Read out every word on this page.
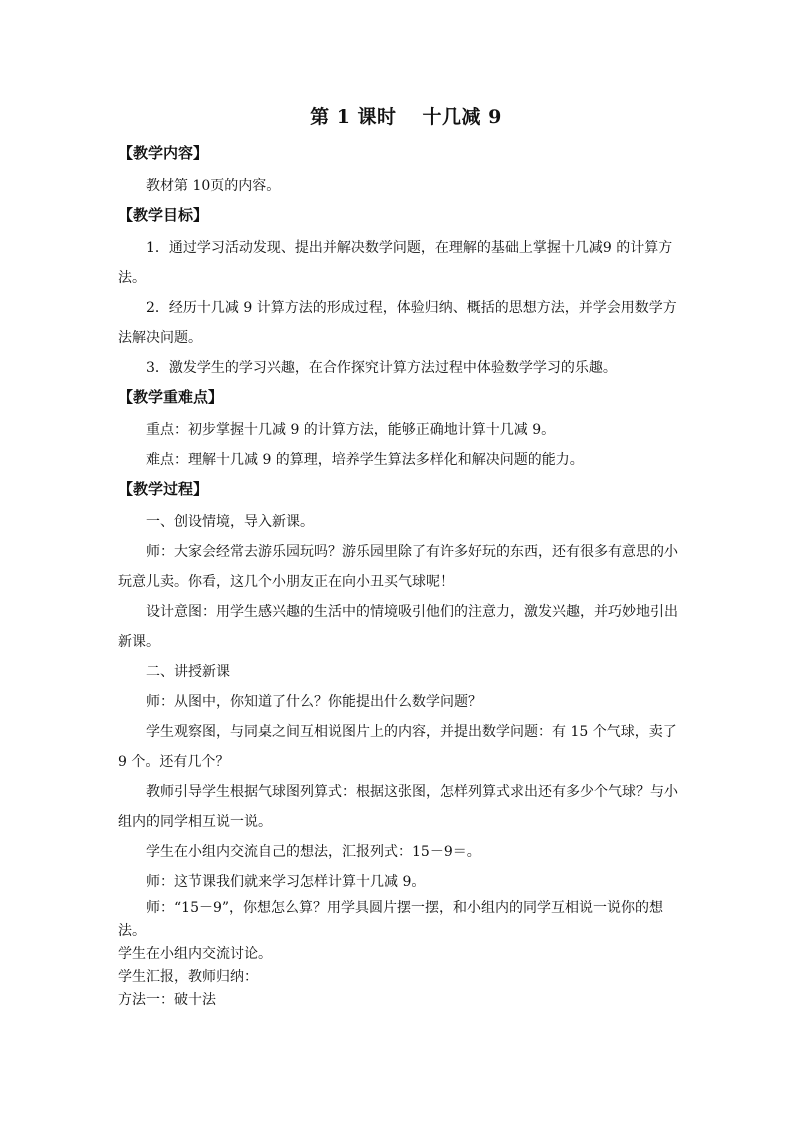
第 1 课时 十几减 9
【教学内容】

教材第 10页的内容。

【教学目标】

1．通过学习活动发现、提出并解决数学问题，在理解的基础上掌握十几减9 的计算方法。

2．经历十几减 9 计算方法的形成过程，体验归纳、概括的思想方法，并学会用数学方法解决问题。

3．激发学生的学习兴趣，在合作探究计算方法过程中体验数学学习的乐趣。

【教学重难点】

重点：初步掌握十几减 9 的计算方法，能够正确地计算十几减 9。

难点：理解十几减 9 的算理，培养学生算法多样化和解决问题的能力。

【教学过程】

一、创设情境，导入新课。

师：大家会经常去游乐园玩吗？游乐园里除了有许多好玩的东西，还有很多有意思的小玩意儿卖。你看，这几个小朋友正在向小丑买气球呢！

设计意图：用学生感兴趣的生活中的情境吸引他们的注意力，激发兴趣，并巧妙地引出新课。

二、讲授新课

师：从图中，你知道了什么？你能提出什么数学问题？

学生观察图，与同桌之间互相说图片上的内容，并提出数学问题：有 15 个气球，卖了 9 个。还有几个？

教师引导学生根据气球图列算式：根据这张图，怎样列算式求出还有多少个气球？与小组内的同学相互说一说。

学生在小组内交流自己的想法，汇报列式：15－9＝。

师：这节课我们就来学习怎样计算十几减 9。

师：“15－9”，你想怎么算？用学具圆片摆一摆，和小组内的同学互相说一说你的想法。

学生在小组内交流讨论。

学生汇报，教师归纳：

方法一：破十法
